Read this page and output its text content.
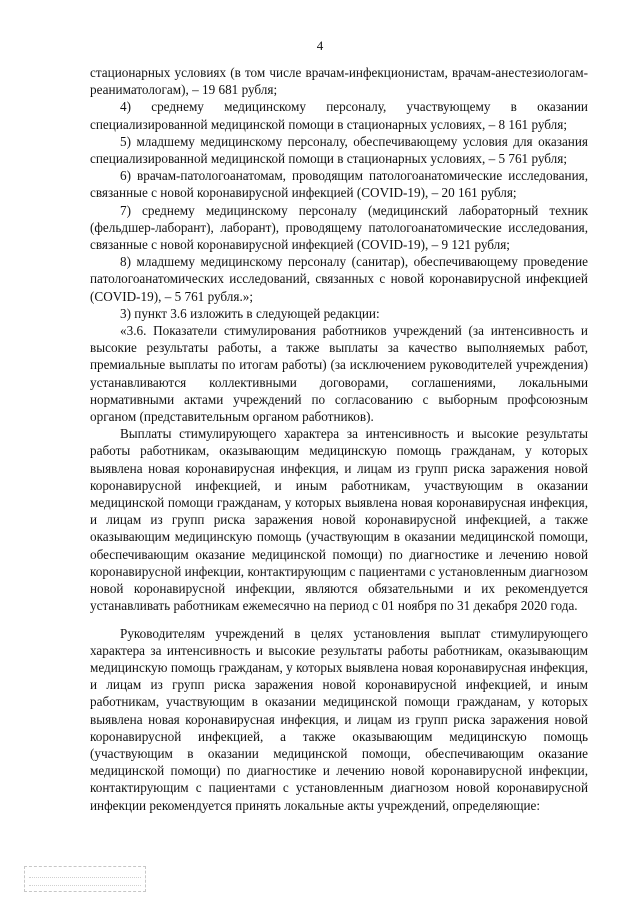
4

стационарных условиях (в том числе врачам-инфекционистам, врачам-анестезиологам-реаниматологам), – 19 681 рубля;

4) среднему медицинскому персоналу, участвующему в оказании специализированной медицинской помощи в стационарных условиях, – 8 161 рубля;

5) младшему медицинскому персоналу, обеспечивающему условия для оказания специализированной медицинской помощи в стационарных условиях, – 5 761 рубля;

6) врачам-патологоанатомам, проводящим патологоанатомические исследования, связанные с новой коронавирусной инфекцией (COVID-19), – 20 161 рубля;

7) среднему медицинскому персоналу (медицинский лабораторный техник (фельдшер-лаборант), лаборант), проводящему патологоанатомические исследования, связанные с новой коронавирусной инфекцией (COVID-19), – 9 121 рубля;

8) младшему медицинскому персоналу (санитар), обеспечивающему проведение патологоанатомических исследований, связанных с новой коронавирусной инфекцией (COVID-19), – 5 761 рубля.»;

3) пункт 3.6 изложить в следующей редакции:

«3.6. Показатели стимулирования работников учреждений (за интенсивность и высокие результаты работы, а также выплаты за качество выполняемых работ, премиальные выплаты по итогам работы) (за исключением руководителей учреждения) устанавливаются коллективными договорами, соглашениями, локальными нормативными актами учреждений по согласованию с выборным профсоюзным органом (представительным органом работников).

Выплаты стимулирующего характера за интенсивность и высокие результаты работы работникам, оказывающим медицинскую помощь гражданам, у которых выявлена новая коронавирусная инфекция, и лицам из групп риска заражения новой коронавирусной инфекцией, и иным работникам, участвующим в оказании медицинской помощи гражданам, у которых выявлена новая коронавирусная инфекция, и лицам из групп риска заражения новой коронавирусной инфекцией, а также оказывающим медицинскую помощь (участвующим в оказании медицинской помощи, обеспечивающим оказание медицинской помощи) по диагностике и лечению новой коронавирусной инфекции, контактирующим с пациентами с установленным диагнозом новой коронавирусной инфекции, являются обязательными и их рекомендуется устанавливать работникам ежемесячно на период с 01 ноября по 31 декабря 2020 года.

Руководителям учреждений в целях установления выплат стимулирующего характера за интенсивность и высокие результаты работы работникам, оказывающим медицинскую помощь гражданам, у которых выявлена новая коронавирусная инфекция, и лицам из групп риска заражения новой коронавирусной инфекцией, и иным работникам, участвующим в оказании медицинской помощи гражданам, у которых выявлена новая коронавирусная инфекция, и лицам из групп риска заражения новой коронавирусной инфекцией, а также оказывающим медицинскую помощь (участвующим в оказании медицинской помощи, обеспечивающим оказание медицинской помощи) по диагностике и лечению новой коронавирусной инфекции, контактирующим с пациентами с установленным диагнозом новой коронавирусной инфекции рекомендуется принять локальные акты учреждений, определяющие:
